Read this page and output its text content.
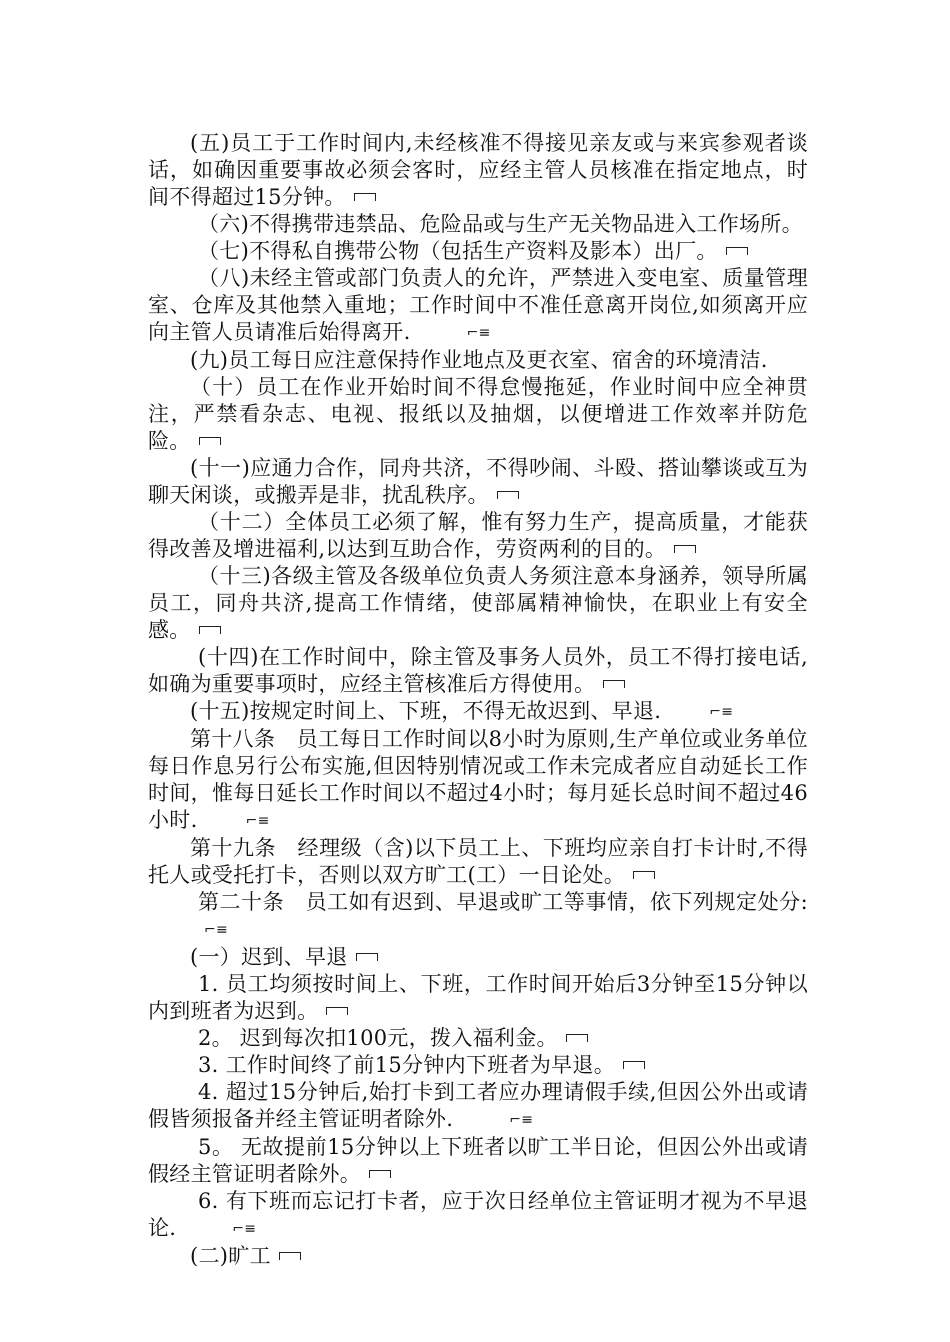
(五)员工于工作时间内,未经核准不得接见亲友或与来宾参观者谈话，如确因重要事故必须会客时，应经主管人员核准在指定地点，时间不得超过15分钟。

（六)不得携带违禁品、危险品或与生产无关物品进入工作场所。

（七)不得私自携带公物（包括生产资料及影本）出厂。

（八)未经主管或部门负责人的允许，严禁进入变电室、质量管理室、仓库及其他禁入重地；工作时间中不准任意离开岗位,如须离开应向主管人员请准后始得离开.	⌐≡

(九)员工每日应注意保持作业地点及更衣室、宿舍的环境清洁.

（十）员工在作业开始时间不得怠慢拖延，作业时间中应全神贯注，严禁看杂志、电视、报纸以及抽烟，以便增进工作效率并防危险。

(十一)应通力合作，同舟共济，不得吵闹、斗殴、搭讪攀谈或互为聊天闲谈，或搬弄是非，扰乱秩序。

（十二）全体员工必须了解，惟有努力生产，提高质量，才能获得改善及增进福利,以达到互助合作，劳资两利的目的。

（十三)各级主管及各级单位负责人务须注意本身涵养，领导所属员工，同舟共济,提高工作情绪，使部属精神愉快，在职业上有安全感。

(十四)在工作时间中，除主管及事务人员外，员工不得打接电话,如确为重要事项时，应经主管核准后方得使用。

(十五)按规定时间上、下班，不得无故迟到、早退.	⌐≡

第十八条　员工每日工作时间以8小时为原则,生产单位或业务单位每日作息另行公布实施,但因特别情况或工作未完成者应自动延长工作时间，惟每日延长工作时间以不超过4小时；每月延长总时间不超过46小时.	⌐≡

第十九条　经理级（含)以下员工上、下班均应亲自打卡计时,不得托人或受托打卡，否则以双方旷工(工）一日论处。

第二十条　员工如有迟到、早退或旷工等事情，依下列规定处分:⌐≡

(一）迟到、早退

1. 员工均须按时间上、下班，工作时间开始后3分钟至15分钟以内到班者为迟到。

2。 迟到每次扣100元，拨入福利金。

3. 工作时间终了前15分钟内下班者为早退。

4. 超过15分钟后,始打卡到工者应办理请假手续,但因公外出或请假皆须报备并经主管证明者除外.	⌐≡

5。 无故提前15分钟以上下班者以旷工半日论，但因公外出或请假经主管证明者除外。

6. 有下班而忘记打卡者，应于次日经单位主管证明才视为不早退论.	⌐≡

(二)旷工
